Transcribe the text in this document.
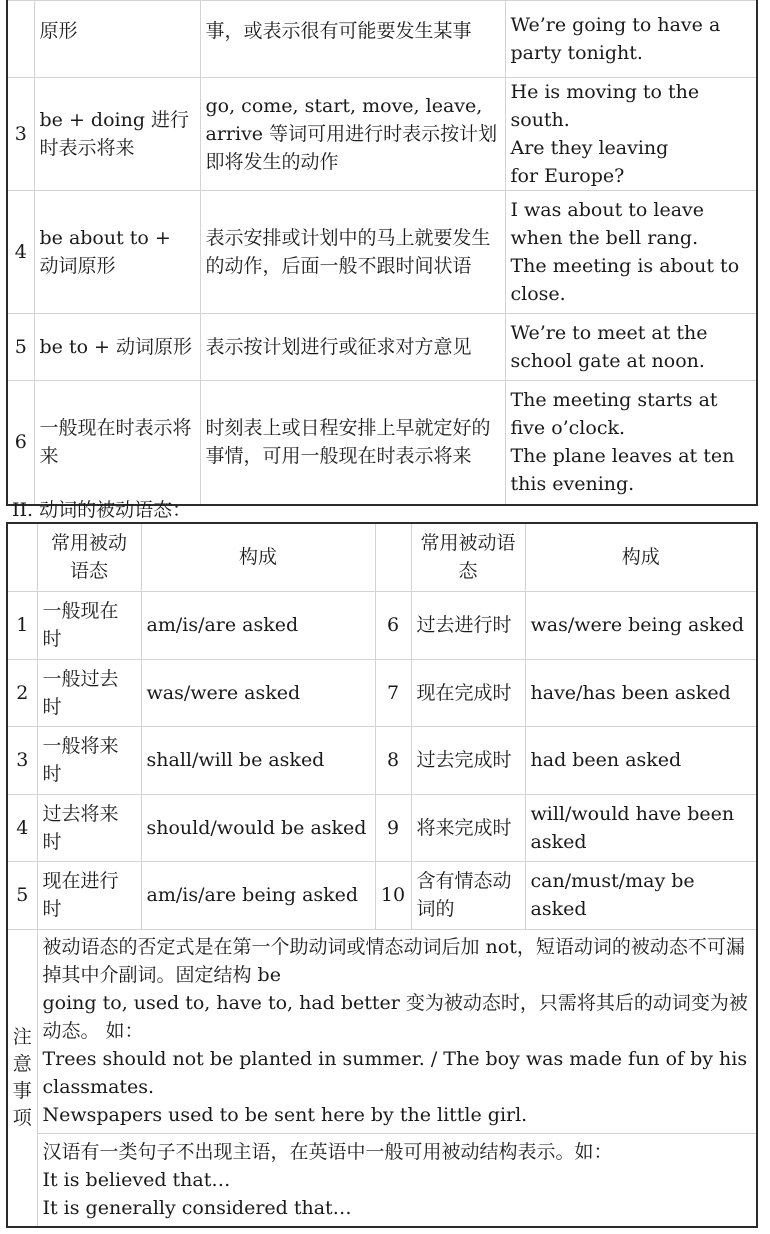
	原形	事，或表示很有可能要发生某事	We’re going to have a party tonight.

3	be + doing 进行时表示将来	go, come, start, move, leave, arrive 等词可用进行时表示按计划即将发生的动作	He is moving to the south.

Are they leaving

for Europe?

4	be about to + 动词原形	表示安排或计划中的马上就要发生的动作，后面一般不跟时间状语	I was about to leave when the bell rang.

The meeting is about to close.

5	be to + 动词原形	表示按计划进行或征求对方意见	We’re to meet at the school gate at noon.

6	一般现在时表示将来	时刻表上或日程安排上早就定好的事情，可用一般现在时表示将来	The meeting starts at five o’clock.

The plane leaves at ten this evening.

II. 动词的被动语态：

	常用被动语态	构成		常用被动语态	构成
1	一般现在时	am/is/are asked	6	过去进行时	was/were being asked
2	一般过去时	was/were asked	7	现在完成时	have/has been asked
3	一般将来时	shall/will be asked	8	过去完成时	had been asked
4	过去将来时	should/would be asked	9	将来完成时	will/would have been asked
5	现在进行时	am/is/are being asked	10	含有情态动词的	can/must/may be asked
注意事项	被动语态的否定式是在第一个助动词或情态动词后加 not，短语动词的被动态不可漏掉其中介副词。固定结构 be

going to, used to, have to, had better 变为被动态时，只需将其后的动词变为被动态。 如：

Trees should not be planted in summer. / The boy was made fun of by his classmates.

Newspapers used to be sent here by the little girl.				

	汉语有一类句子不出现主语，在英语中一般可用被动结构表示。如：

It is believed that…

It is generally considered that…				
